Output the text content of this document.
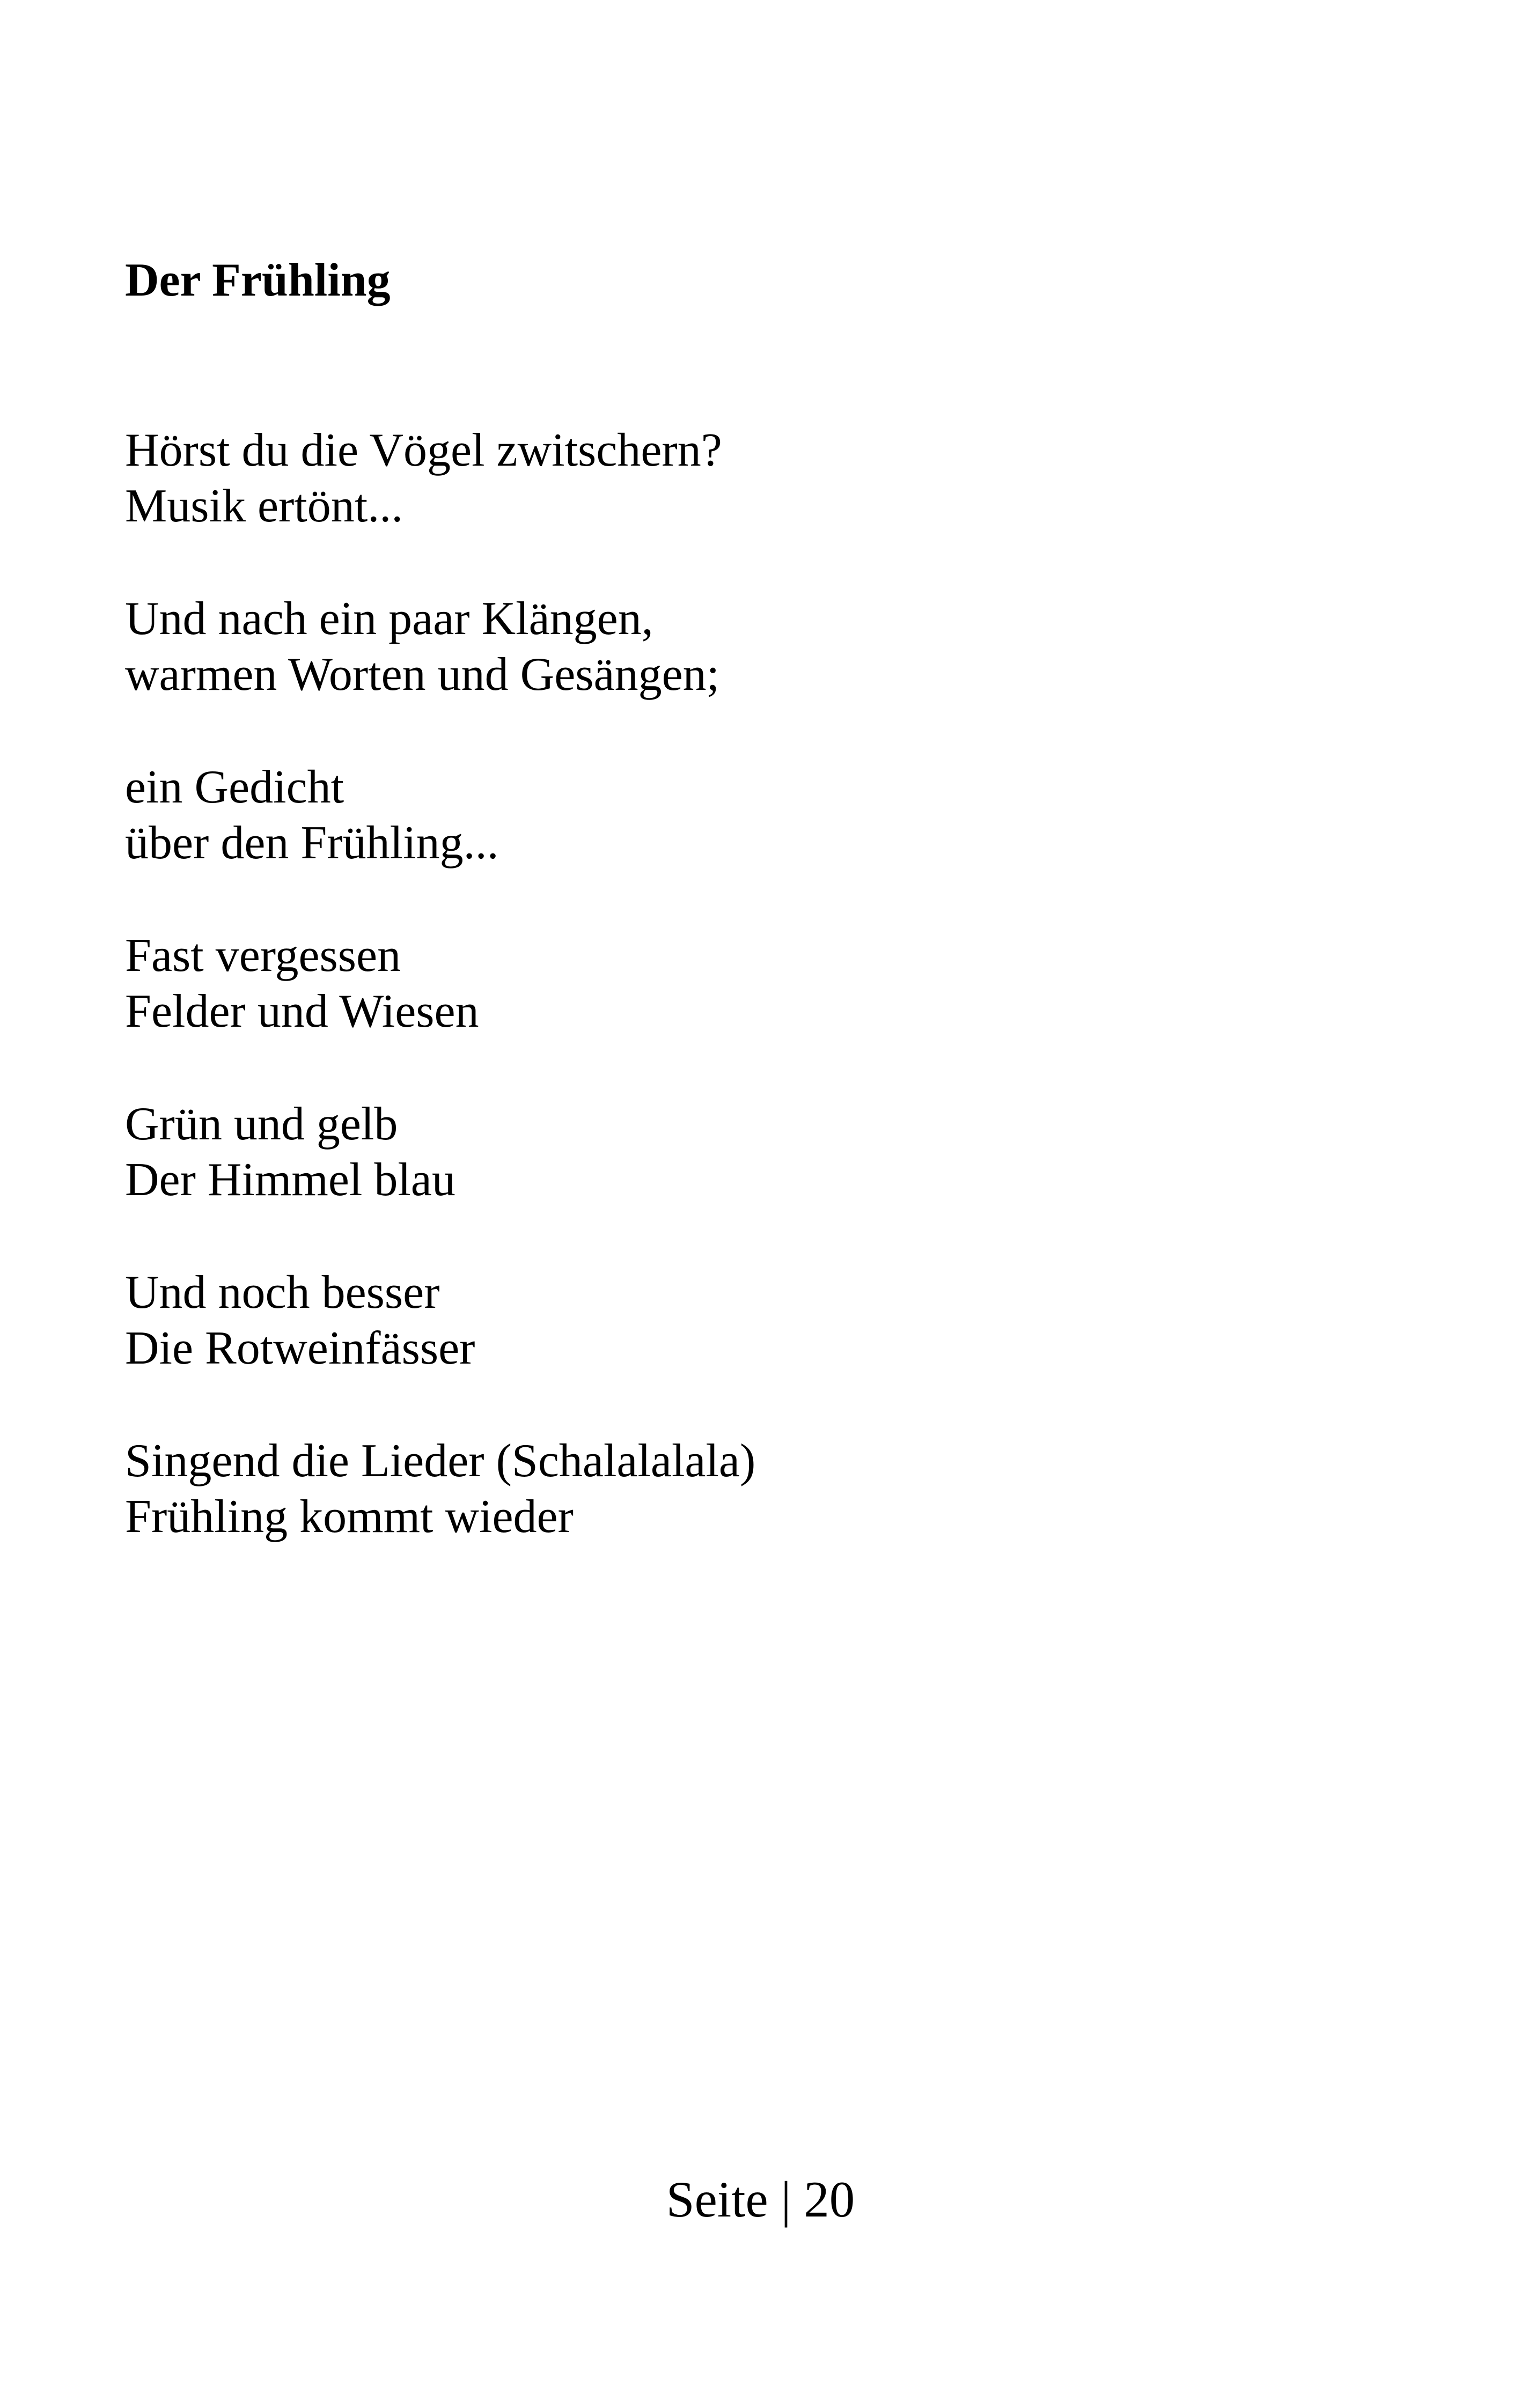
Der Frühling
Hörst du die Vögel zwitschern?
Musik ertönt...
Und nach ein paar Klängen,
warmen Worten und Gesängen;
ein Gedicht
über den Frühling...
Fast vergessen
Felder und Wiesen
Grün und gelb
Der Himmel blau
Und noch besser
Die Rotweinfässer
Singend die Lieder (Schalalalala)
Frühling kommt wieder
Seite | 20
